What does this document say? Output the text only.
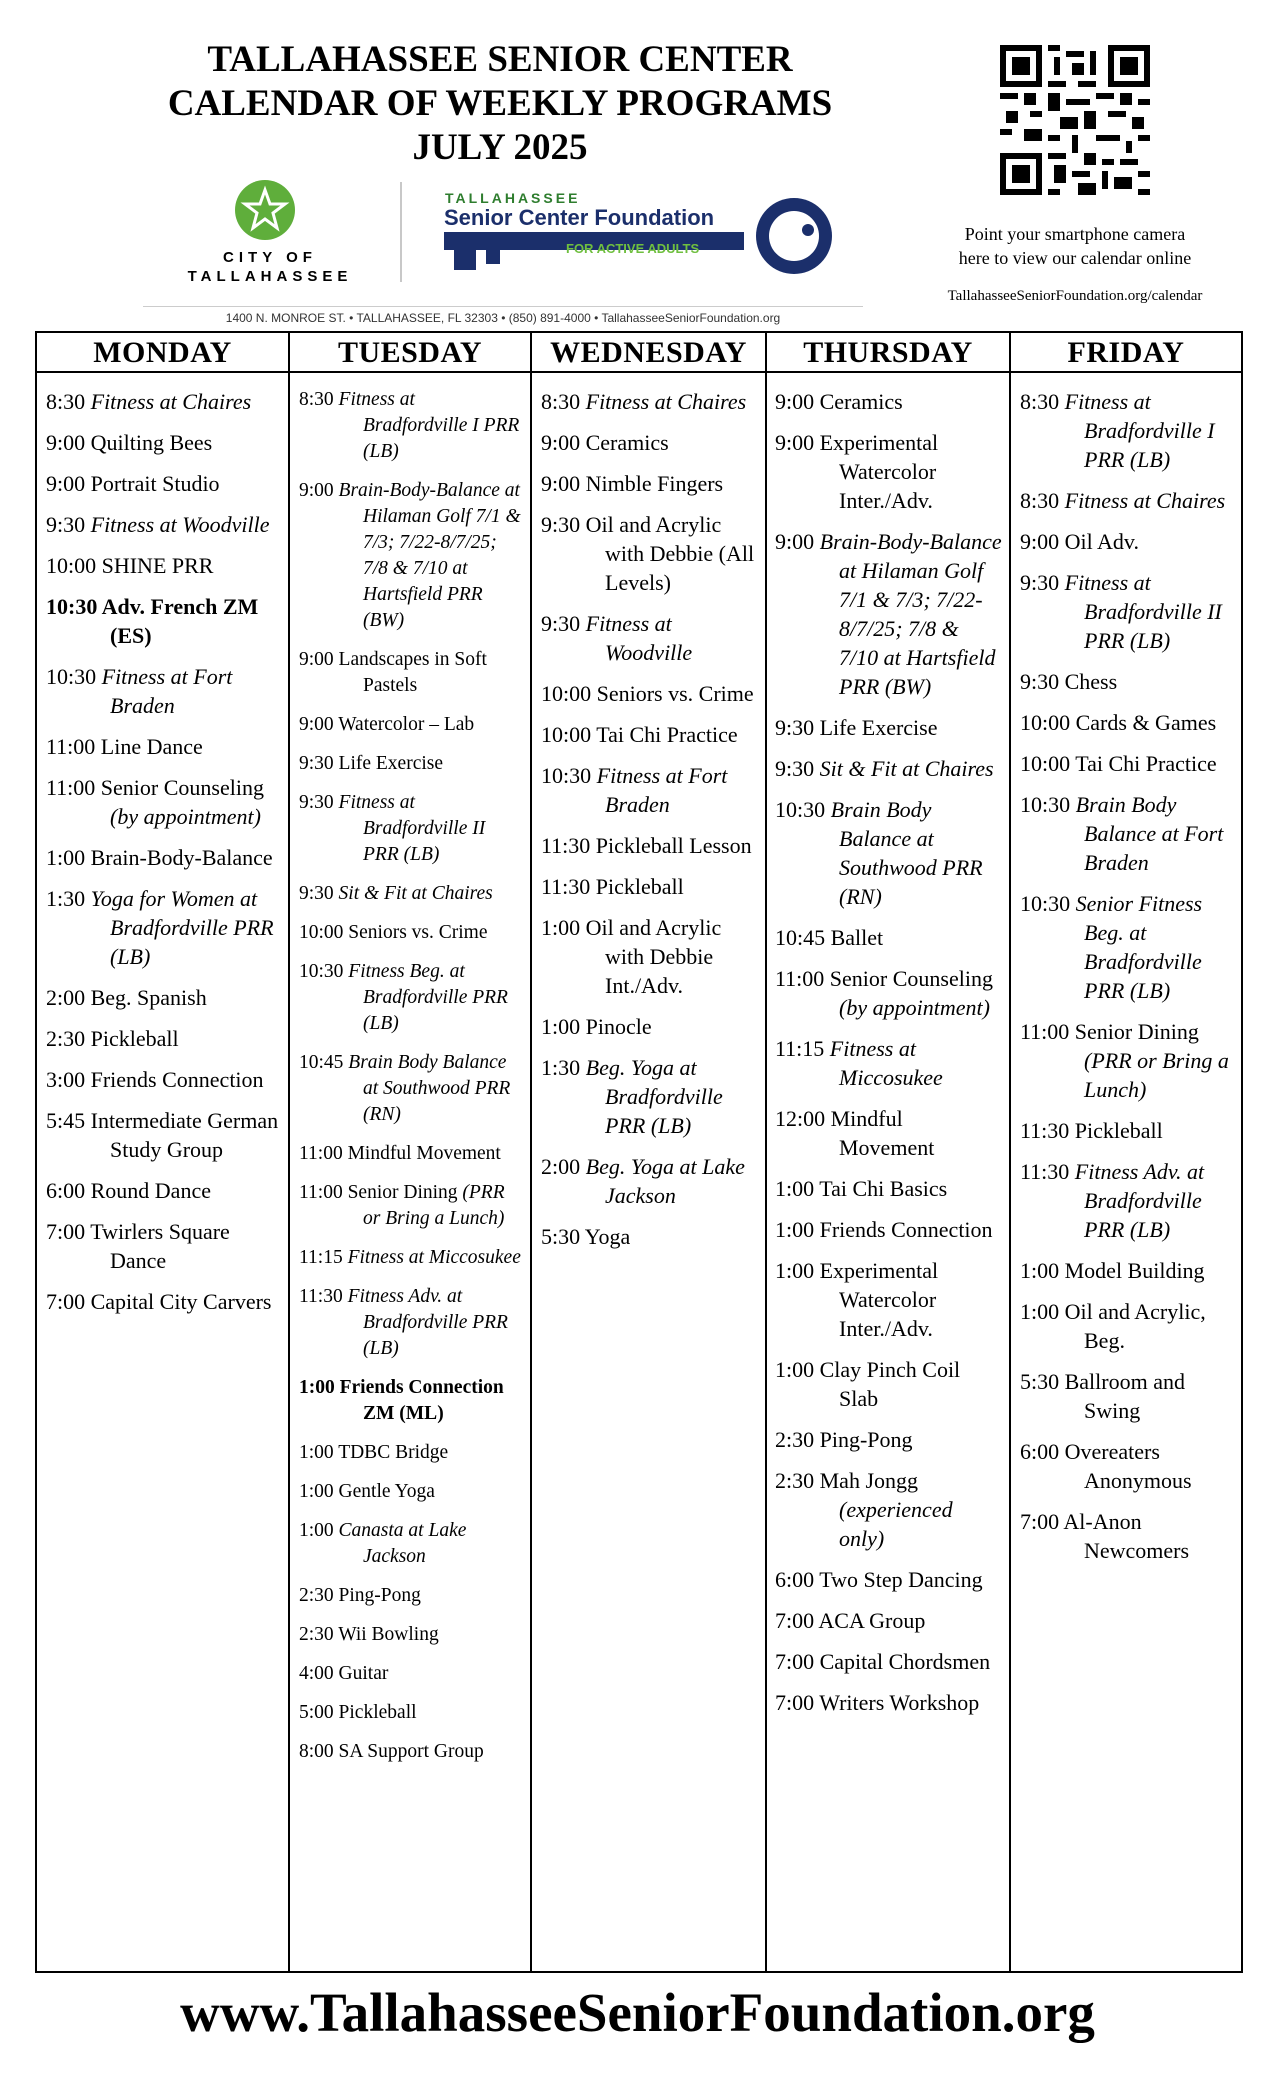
TALLAHASSEE SENIOR CENTER
CALENDAR OF WEEKLY PROGRAMS
JULY 2025
CITY OF
TALLAHASSEE
TALLAHASSEE
Senior Center Foundation
FOR ACTIVE ADULTS
1400 N. MONROE ST. • TALLAHASSEE, FL 32303 • (850) 891-4000 • TallahasseeSeniorFoundation.org
Point your smartphone camera
here to view our calendar online
TallahasseeSeniorFoundation.org/calendar
MONDAY
8:30 Fitness at Chaires
9:00 Quilting Bees
9:00 Portrait Studio
9:30 Fitness at Woodville
10:00 SHINE PRR
10:30 Adv. French ZM (ES)
10:30 Fitness at Fort Braden
11:00 Line Dance
11:00 Senior Counseling (by appointment)
1:00 Brain-Body-Balance
1:30 Yoga for Women at Bradfordville PRR (LB)
2:00 Beg. Spanish
2:30 Pickleball
3:00 Friends Connection
5:45 Intermediate German Study Group
6:00 Round Dance
7:00 Twirlers Square Dance
7:00 Capital City Carvers
TUESDAY
8:30 Fitness at Bradfordville I PRR (LB)
9:00 Brain-Body-Balance at Hilaman Golf 7/1 & 7/3; 7/22-8/7/25; 7/8 & 7/10 at Hartsfield PRR (BW)
9:00 Landscapes in Soft Pastels
9:00 Watercolor – Lab
9:30 Life Exercise
9:30 Fitness at Bradfordville II PRR (LB)
9:30 Sit & Fit at Chaires
10:00 Seniors vs. Crime
10:30 Fitness Beg. at Bradfordville PRR (LB)
10:45 Brain Body Balance at Southwood PRR (RN)
11:00 Mindful Movement
11:00 Senior Dining (PRR or Bring a Lunch)
11:15 Fitness at Miccosukee
11:30 Fitness Adv. at Bradfordville PRR (LB)
1:00 Friends Connection ZM (ML)
1:00 TDBC Bridge
1:00 Gentle Yoga
1:00 Canasta at Lake Jackson
2:30 Ping-Pong
2:30 Wii Bowling
4:00 Guitar
5:00 Pickleball
8:00 SA Support Group
WEDNESDAY
8:30 Fitness at Chaires
9:00 Ceramics
9:00 Nimble Fingers
9:30 Oil and Acrylic with Debbie (All Levels)
9:30 Fitness at Woodville
10:00 Seniors vs. Crime
10:00 Tai Chi Practice
10:30 Fitness at Fort Braden
11:30 Pickleball Lesson
11:30 Pickleball
1:00 Oil and Acrylic with Debbie Int./Adv.
1:00 Pinocle
1:30 Beg. Yoga at Bradfordville PRR (LB)
2:00 Beg. Yoga at Lake Jackson
5:30 Yoga
THURSDAY
9:00 Ceramics
9:00 Experimental Watercolor Inter./Adv.
9:00 Brain-Body-Balance at Hilaman Golf 7/1 & 7/3; 7/22-8/7/25; 7/8 & 7/10 at Hartsfield PRR (BW)
9:30 Life Exercise
9:30 Sit & Fit at Chaires
10:30 Brain Body Balance at Southwood PRR (RN)
10:45 Ballet
11:00 Senior Counseling (by appointment)
11:15 Fitness at Miccosukee
12:00 Mindful Movement
1:00 Tai Chi Basics
1:00 Friends Connection
1:00 Experimental Watercolor Inter./Adv.
1:00 Clay Pinch Coil Slab
2:30 Ping-Pong
2:30 Mah Jongg (experienced only)
6:00 Two Step Dancing
7:00 ACA Group
7:00 Capital Chordsmen
7:00 Writers Workshop
FRIDAY
8:30 Fitness at Bradfordville I PRR (LB)
8:30 Fitness at Chaires
9:00 Oil Adv.
9:30 Fitness at Bradfordville II PRR (LB)
9:30 Chess
10:00 Cards & Games
10:00 Tai Chi Practice
10:30 Brain Body Balance at Fort Braden
10:30 Senior Fitness Beg. at Bradfordville PRR (LB)
11:00 Senior Dining (PRR or Bring a Lunch)
11:30 Pickleball
11:30 Fitness Adv. at Bradfordville PRR (LB)
1:00 Model Building
1:00 Oil and Acrylic, Beg.
5:30 Ballroom and Swing
6:00 Overeaters Anonymous
7:00 Al-Anon Newcomers
www.TallahasseeSeniorFoundation.org
